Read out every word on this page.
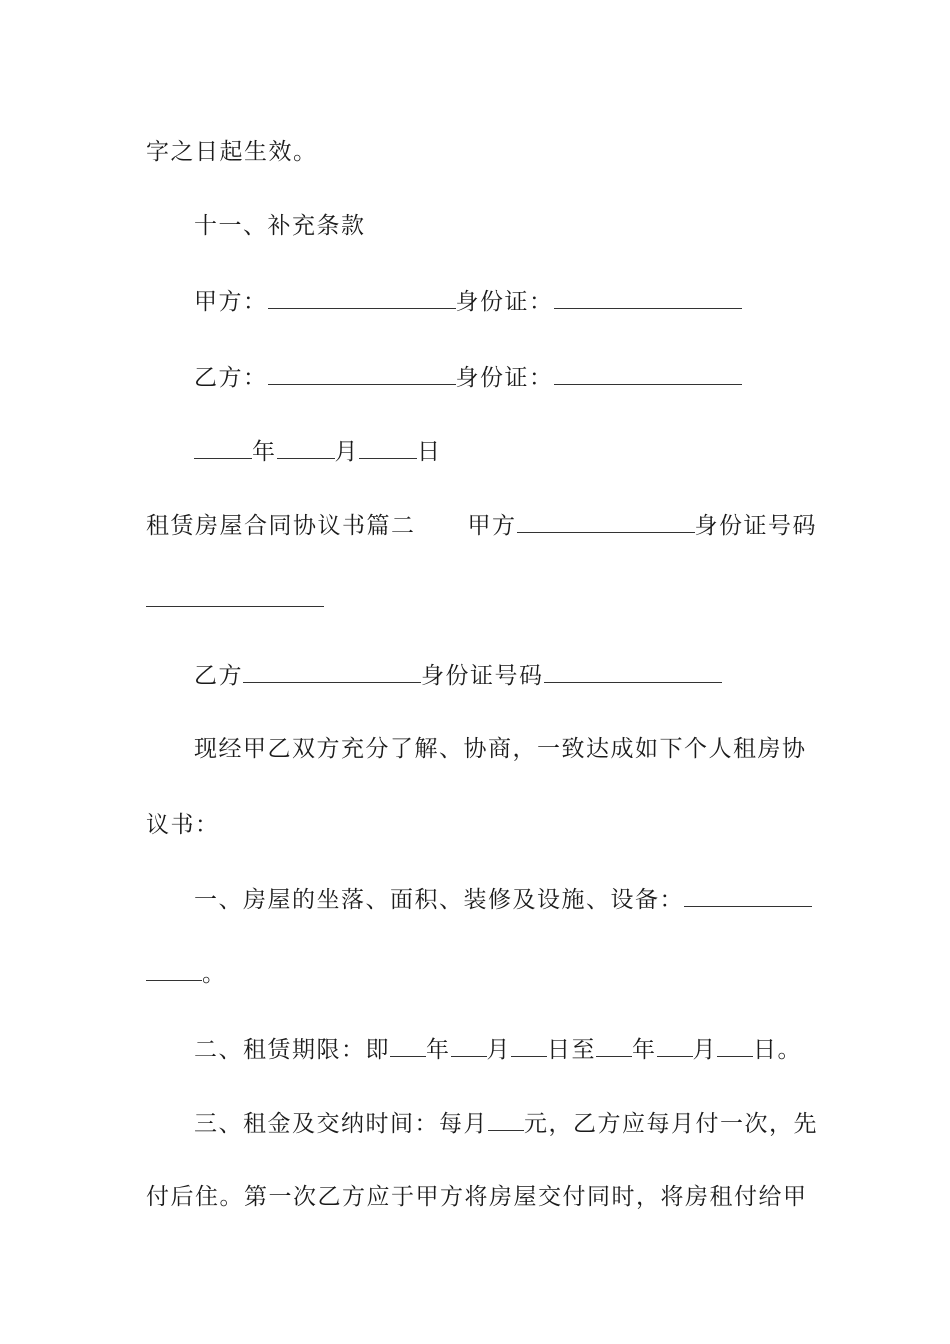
字之日起生效。
十一、补充条款
甲方：	身份证：
乙方：	身份证：
年	月	日
租赁房屋合同协议书篇二 甲方	身份证号码
乙方	身份证号码
现经甲乙双方充分了解、协商，一致达成如下个人租房协
议书：
一、房屋的坐落、面积、装修及设施、设备：
。
二、租赁期限：即 年 月 日至 年 月 日。
三、租金及交纳时间：每月 元，乙方应每月付一次，先
付后住。第一次乙方应于甲方将房屋交付同时，将房租付给甲
